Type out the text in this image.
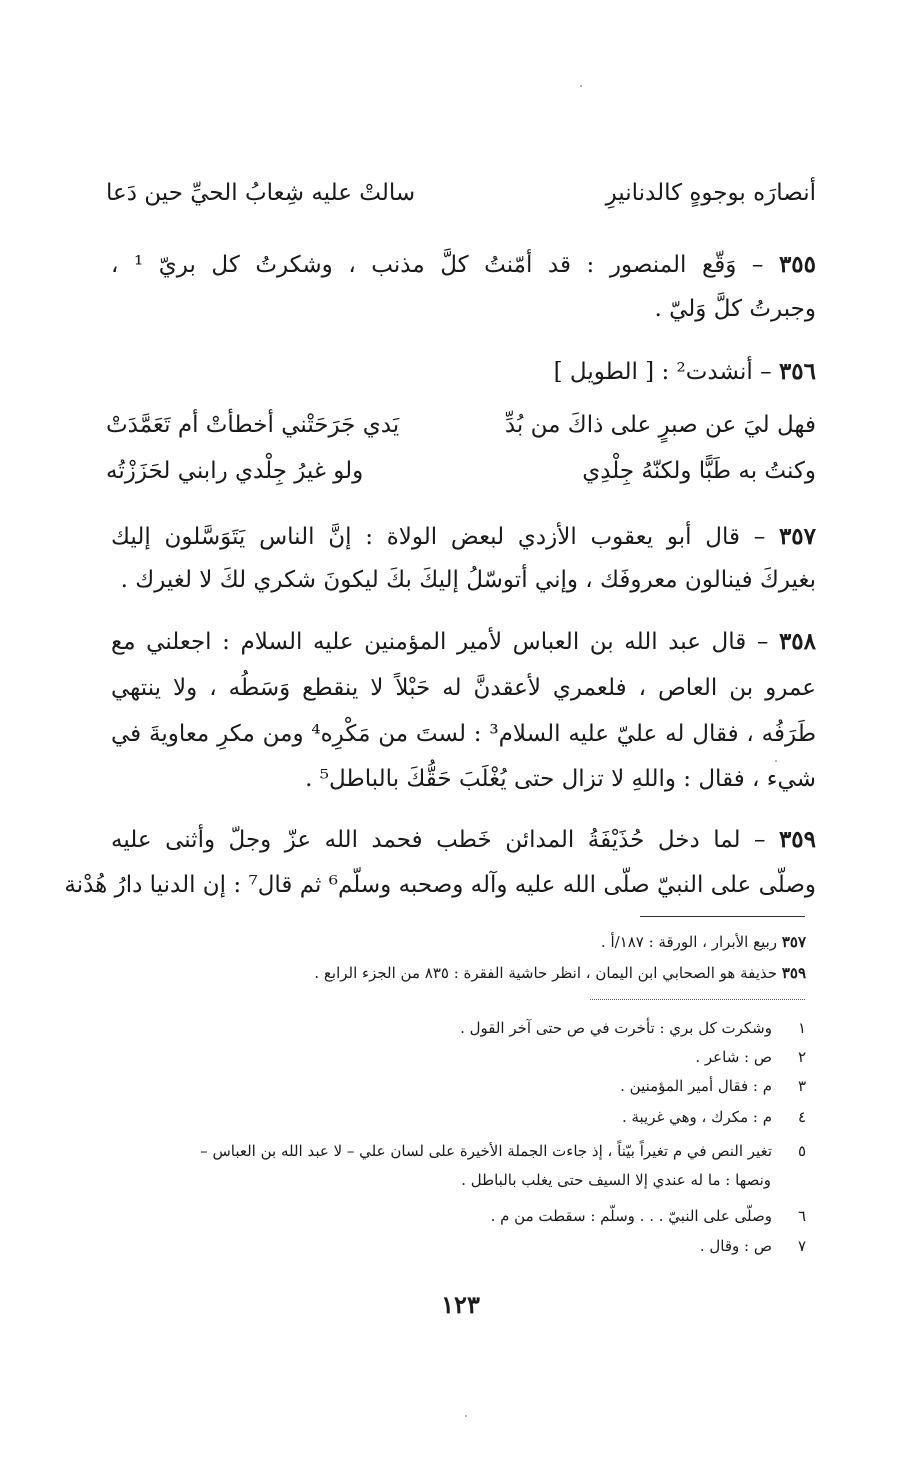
سالتْ عليه شِعابُ الحيِّ حين دَعا	أنصارَه بوجوهٍ كالدنانيرِ
٣٥٥ – وَقّع المنصور : قد أمّنتُ كلَّ مذنب ، وشكرتُ كل بريّ ¹ ،
وجبرتُ كلَّ وَليّ .
٣٥٦ – أنشدت² : [ الطويل ]
يَدي جَرَحَتْني أخطأتْ أم تَعَمَّدَتْ	فهل ليَ عن صبرٍ على ذاكَ من بُدِّ
ولو غيرُ جِلْدي رابني لحَزَزْتُه	وكنتُ به طَبًّا ولكنّهُ جِلْدِي
٣٥٧ – قال أبو يعقوب الأزدي لبعض الولاة : إنَّ الناس يَتَوَسَّلون إليك
بغيركَ فينالون معروفَك ، وإني أتوسّلُ إليكَ بكَ ليكونَ شكري لكَ لا لغيرك .
٣٥٨ – قال عبد الله بن العباس لأمير المؤمنين عليه السلام : اجعلني مع
عمرو بن العاص ، فلعمري لأعقدنَّ له حَبْلاً لا ينقطع وَسَطُه ، ولا ينتهي
طَرَفُه ، فقال له عليّ عليه السلام³ : لستَ من مَكْرِه⁴ ومن مكرِ معاويةَ في
شيء ، فقال : واللهِ لا تزال حتى يُغْلَبَ حَقُّكَ بالباطل⁵ .
٣٥٩ – لما دخل حُذَيْفَةُ المدائن خَطب فحمد الله عزّ وجلّ وأثنى عليه
وصلّى على النبيّ صلّى الله عليه وآله وصحبه وسلّم⁶ ثم قال⁷ : إن الدنيا دارُ هُدْنة
٣٥٧ ربيع الأبرار ، الورقة : ١٨٧/أ .
٣٥٩ حذيفة هو الصحابي ابن اليمان ، انظر حاشية الفقرة : ٨٣٥ من الجزء الرابع .
١وشكرت كل بري : تأخرت في ص حتى آخر القول .
٢ص : شاعر .
٣م : فقال أمير المؤمنين .
٤م : مكرك ، وهي غريبة .
٥تغير النص في م تغيراً بيّناً ، إذ جاءت الجملة الأخيرة على لسان علي – لا عبد الله بن العباس –
ونصها : ما له عندي إلا السيف حتى يغلب بالباطل .
٦وصلّى على النبيّ . . . وسلّم : سقطت من م .
٧ص : وقال .
١٢٣
